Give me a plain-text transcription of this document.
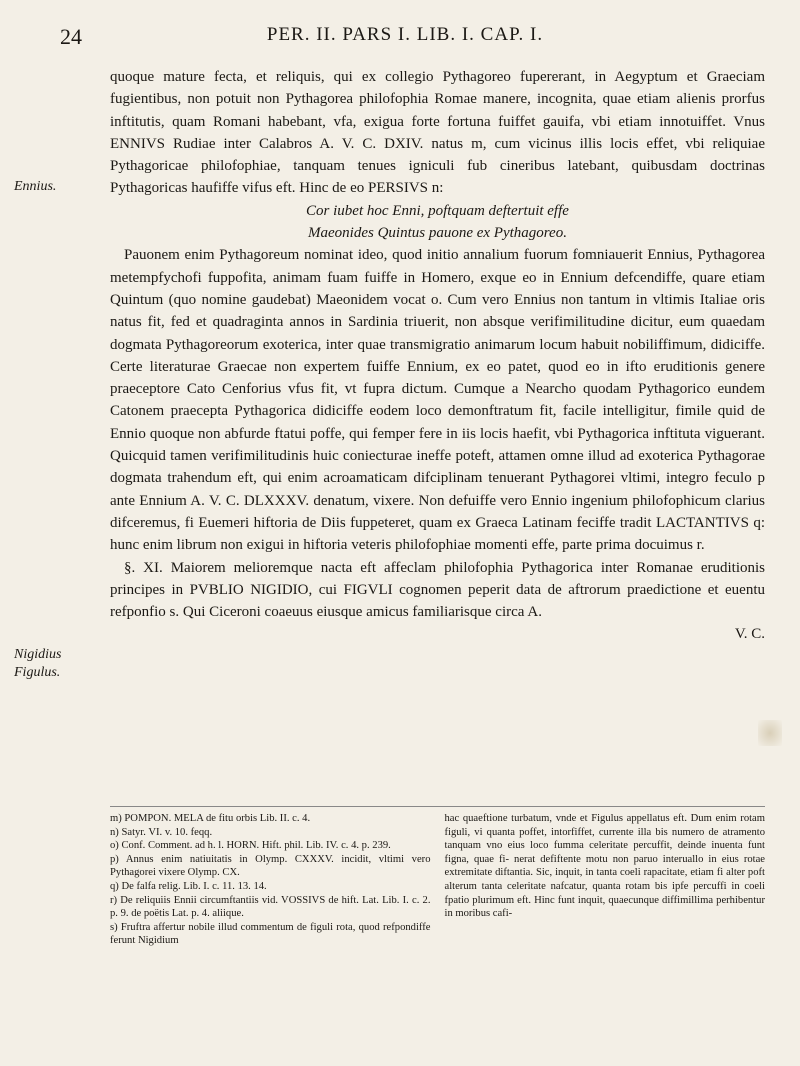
24	PER. II. PARS I. LIB. I. CAP. I.
Ennius.
Nigidius
Figulus.

quoque mature fecta, et reliquis, qui ex collegio Pythagoreo fupererant, in Aegyptum et Graeciam fugientibus, non potuit non Pythagorea philofophia Romae manere, incognita, quae etiam alienis prorfus inftitutis, quam Romani habebant, vfa, exigua forte fortuna fuiffet gauifa, vbi etiam innotuiffet. Vnus ENNIVS Rudiae inter Calabros A. V. C. DXIV. natus m, cum vicinus illis locis effet, vbi reliquiae Pythagoricae philofophiae, tanquam tenues igniculi fub cineribus latebant, quibusdam doctrinas Pythagoricas haufiffe vifus eft. Hinc de eo PERSIVS n:

Cor iubet hoc Enni, poftquam deftertuit effe

Maeonides Quintus pauone ex Pythagoreo.

Pauonem enim Pythagoreum nominat ideo, quod initio annalium fuorum fomniauerit Ennius, Pythagorea metempfychofi fuppofita, animam fuam fuiffe in Homero, exque eo in Ennium defcendiffe, quare etiam Quintum (quo nomine gaudebat) Maeonidem vocat o. Cum vero Ennius non tantum in vltimis Italiae oris natus fit, fed et quadraginta annos in Sardinia triuerit, non absque verifimilitudine dicitur, eum quaedam dogmata Pythagoreorum exoterica, inter quae transmigratio animarum locum habuit nobiliffimum, didiciffe. Certe literaturae Graecae non expertem fuiffe Ennium, ex eo patet, quod eo in ifto eruditionis genere praeceptore Cato Cenforius vfus fit, vt fupra dictum. Cumque a Nearcho quodam Pythagorico eundem Catonem praecepta Pythagorica didiciffe eodem loco demonftratum fit, facile intelligitur, fimile quid de Ennio quoque non abfurde ftatui poffe, qui femper fere in iis locis haefit, vbi Pythagorica inftituta viguerant. Quicquid tamen verifimilitudinis huic coniecturae ineffe poteft, attamen omne illud ad exoterica Pythagorae dogmata trahendum eft, qui enim acroamaticam difciplinam tenuerant Pythagorei vltimi, integro feculo p ante Ennium A. V. C. DLXXXV. denatum, vixere. Non defuiffe vero Ennio ingenium philofophicum clarius difceremus, fi Euemeri hiftoria de Diis fuppeteret, quam ex Graeca Latinam feciffe tradit LACTANTIVS q: hunc enim librum non exigui in hiftoria veteris philofophiae momenti effe, parte prima docuimus r.

§. XI. Maiorem melioremque nacta eft affeclam philofophia Pythagorica inter Romanae eruditionis principes in PVBLIO NIGIDIO, cui FIGVLI cognomen peperit data de aftrorum praedictione et euentu refponfio s. Qui Ciceroni coaeuus eiusque amicus familiarisque circa A.

V. C.

m) POMPON. MELA de fitu orbis Lib. II. c. 4.

n) Satyr. VI. v. 10. feqq.

o) Conf. Comment. ad h. l. HORN. Hift. phil. Lib. IV. c. 4. p. 239.

p) Annus enim natiuitatis in Olymp. CXXXV. incidit, vltimi vero Pythagorei vixere Olymp. CX.

q) De falfa relig. Lib. I. c. 11. 13. 14.

r) De reliquiis Ennii circumftantiis vid. VOSSIVS de hift. Lat. Lib. I. c. 2. p. 9. de poëtis Lat. p. 4. aliique.

s) Fruftra affertur nobile illud commentum de figuli rota, quod refpondiffe ferunt Nigidium

hac quaeftione turbatum, vnde et Figulus appellatus eft. Dum enim rotam figuli, vi quanta poffet, intorfiffet, currente illa bis numero de atramento tanquam vno eius loco fumma celeritate percuffit, deinde inuenta funt figna, quae fi- nerat defiftente motu non paruo interuallo in eius rotae extremitate diftantia. Sic, inquit, in tanta coeli rapacitate, etiam fi alter poft alterum tanta celeritate nafcatur, quanta rotam bis ipfe percuffi in coeli fpatio plurimum eft. Hinc funt inquit, quaecunque diffimillima perhibentur in moribus cafi-
